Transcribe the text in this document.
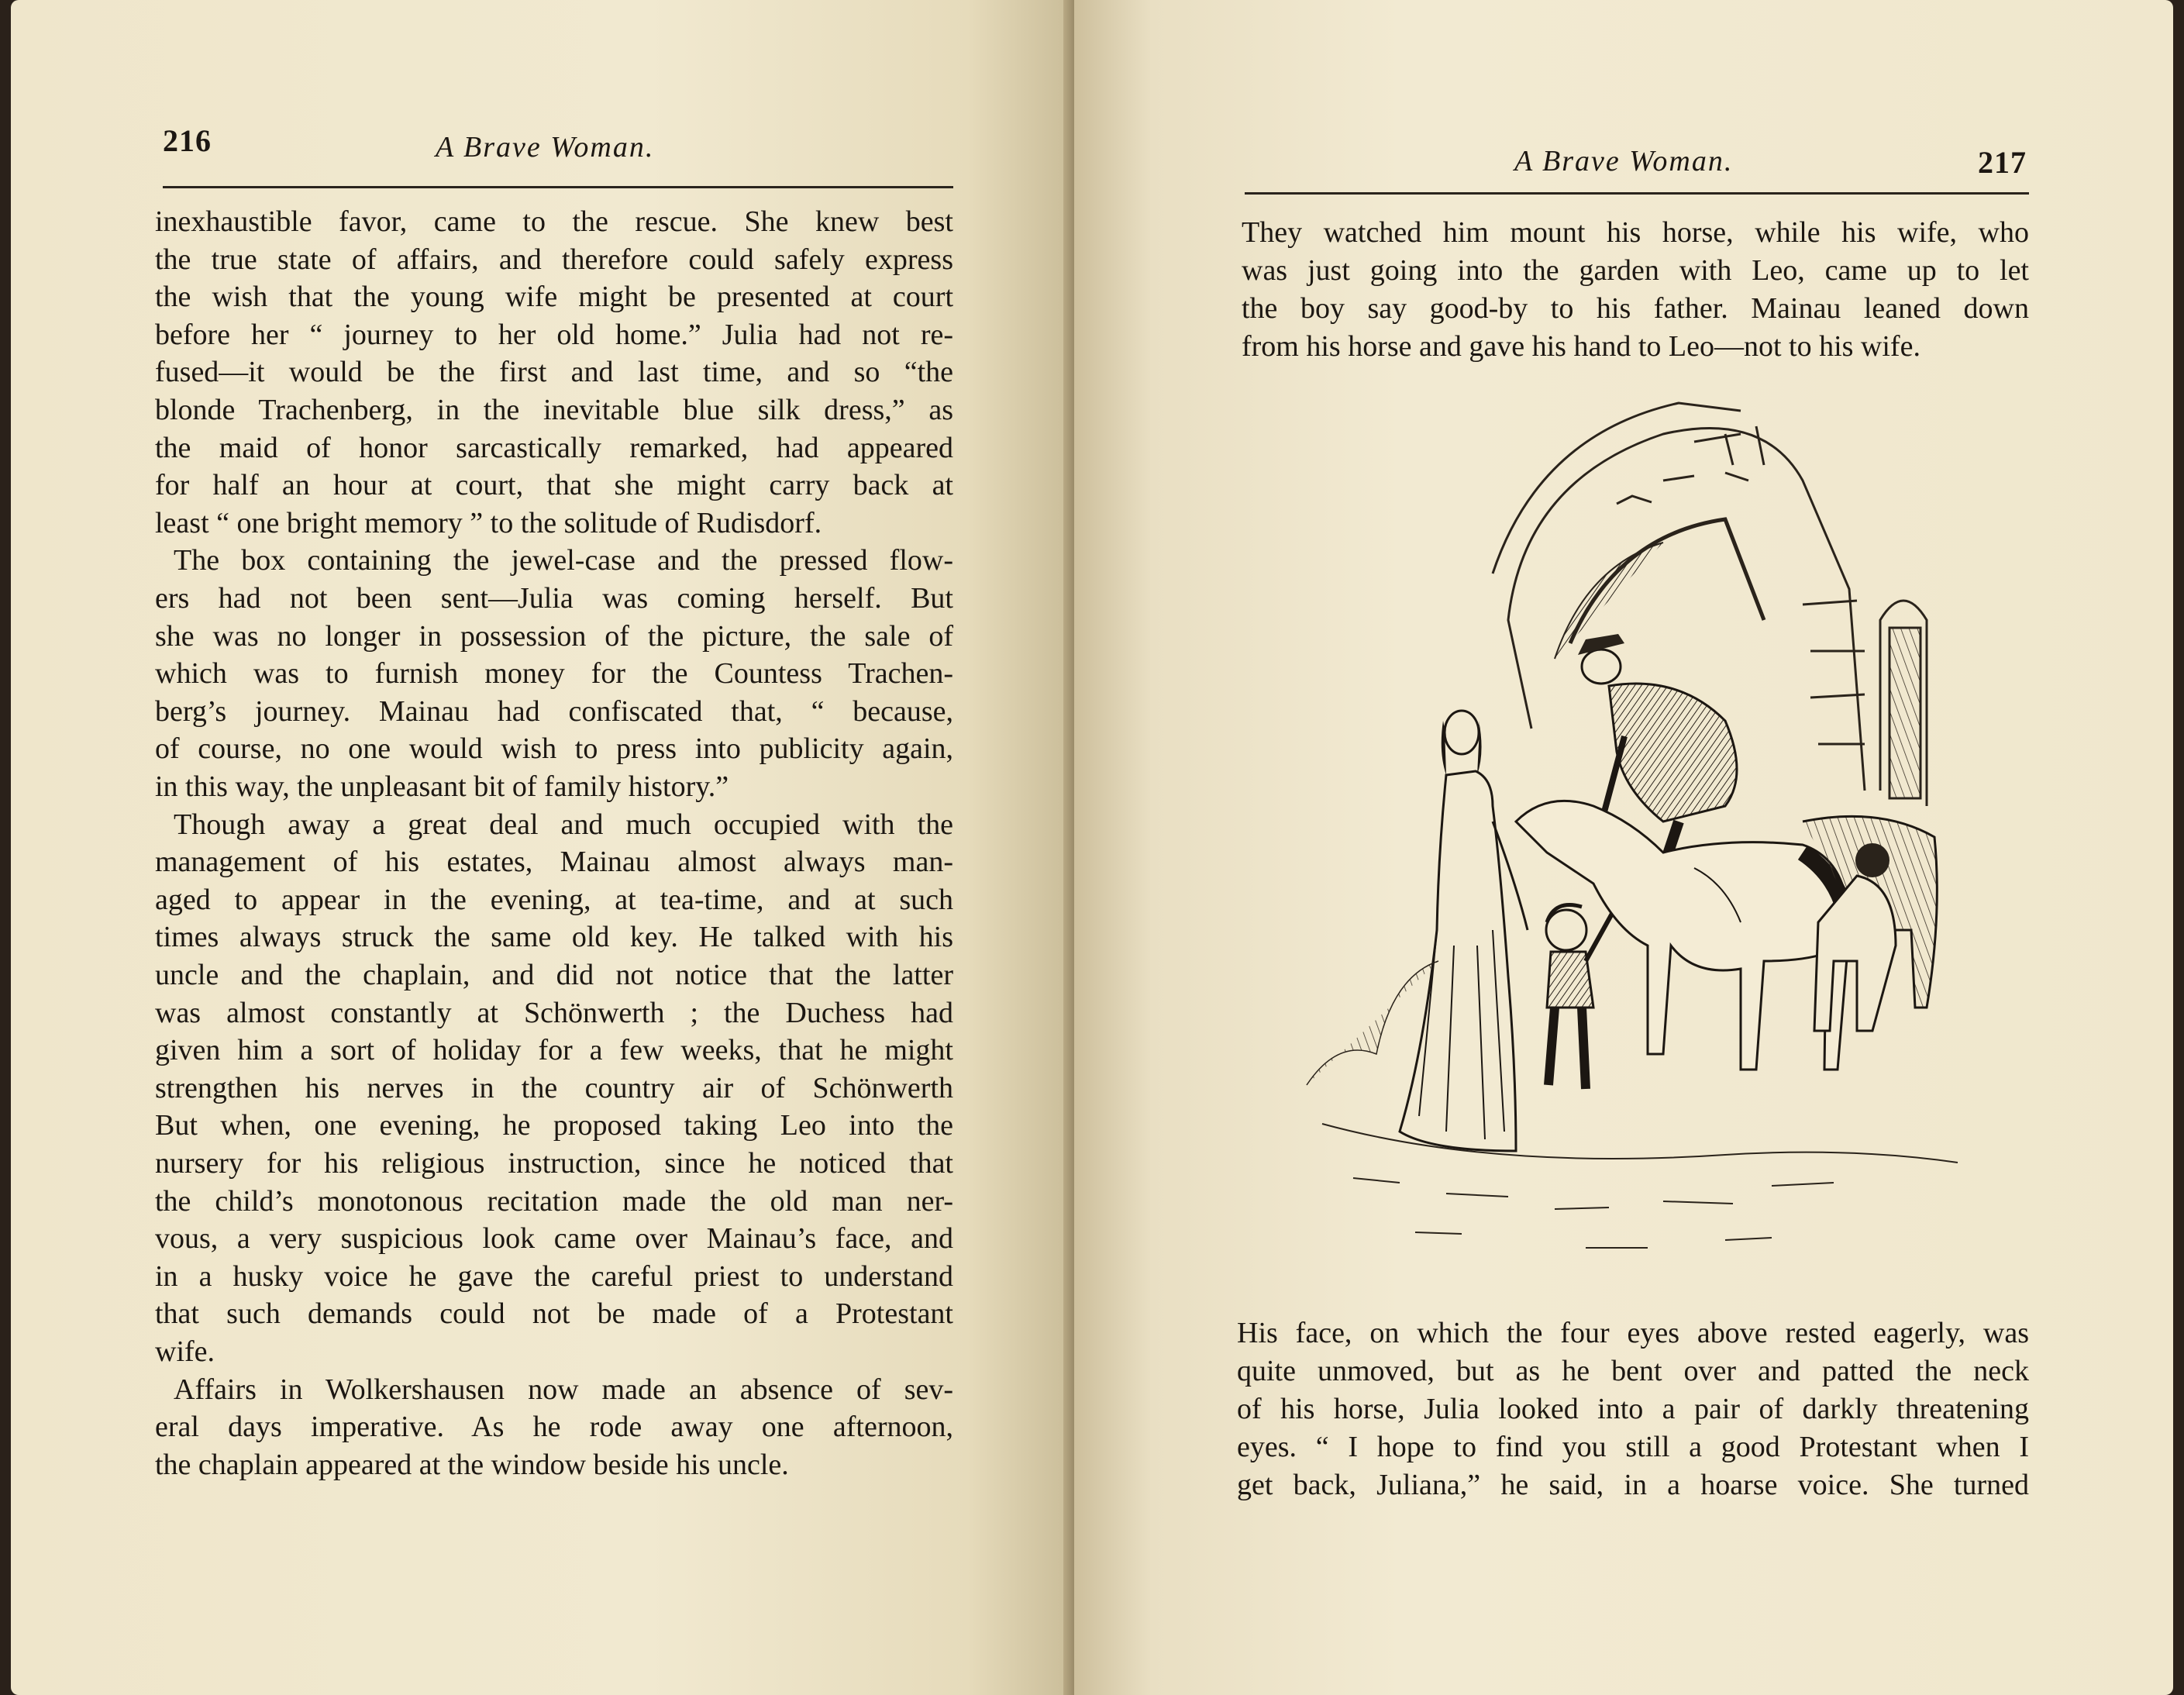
216	A Brave Woman.
inexhaustible favor, came to the rescue. She knew best
the true state of affairs, and therefore could safely express
the wish that the young wife might be presented at court
before her “ journey to her old home.” Julia had not re-
fused—it would be the first and last time, and so “the
blonde Trachenberg, in the inevitable blue silk dress,” as
the maid of honor sarcastically remarked, had appeared
for half an hour at court, that she might carry back at
least “ one bright memory ” to the solitude of Rudisdorf.
The box containing the jewel-case and the pressed flow-
ers had not been sent—Julia was coming herself. But
she was no longer in possession of the picture, the sale of
which was to furnish money for the Countess Trachen-
berg’s journey. Mainau had confiscated that, “ because,
of course, no one would wish to press into publicity again,
in this way, the unpleasant bit of family history.”
Though away a great deal and much occupied with the
management of his estates, Mainau almost always man-
aged to appear in the evening, at tea-time, and at such
times always struck the same old key. He talked with his
uncle and the chaplain, and did not notice that the latter
was almost constantly at Schönwerth ; the Duchess had
given him a sort of holiday for a few weeks, that he might
strengthen his nerves in the country air of Schönwerth
But when, one evening, he proposed taking Leo into the
nursery for his religious instruction, since he noticed that
the child’s monotonous recitation made the old man ner-
vous, a very suspicious look came over Mainau’s face, and
in a husky voice he gave the careful priest to understand
that such demands could not be made of a Protestant
wife.
Affairs in Wolkershausen now made an absence of sev-
eral days imperative. As he rode away one afternoon,
the chaplain appeared at the window beside his uncle.
A Brave Woman.	217
They watched him mount his horse, while his wife, who
was just going into the garden with Leo, came up to let
the boy say good-by to his father. Mainau leaned down
from his horse and gave his hand to Leo—not to his wife.
His face, on which the four eyes above rested eagerly, was
quite unmoved, but as he bent over and patted the neck
of his horse, Julia looked into a pair of darkly threatening
eyes. “ I hope to find you still a good Protestant when I
get back, Juliana,” he said, in a hoarse voice. She turned
